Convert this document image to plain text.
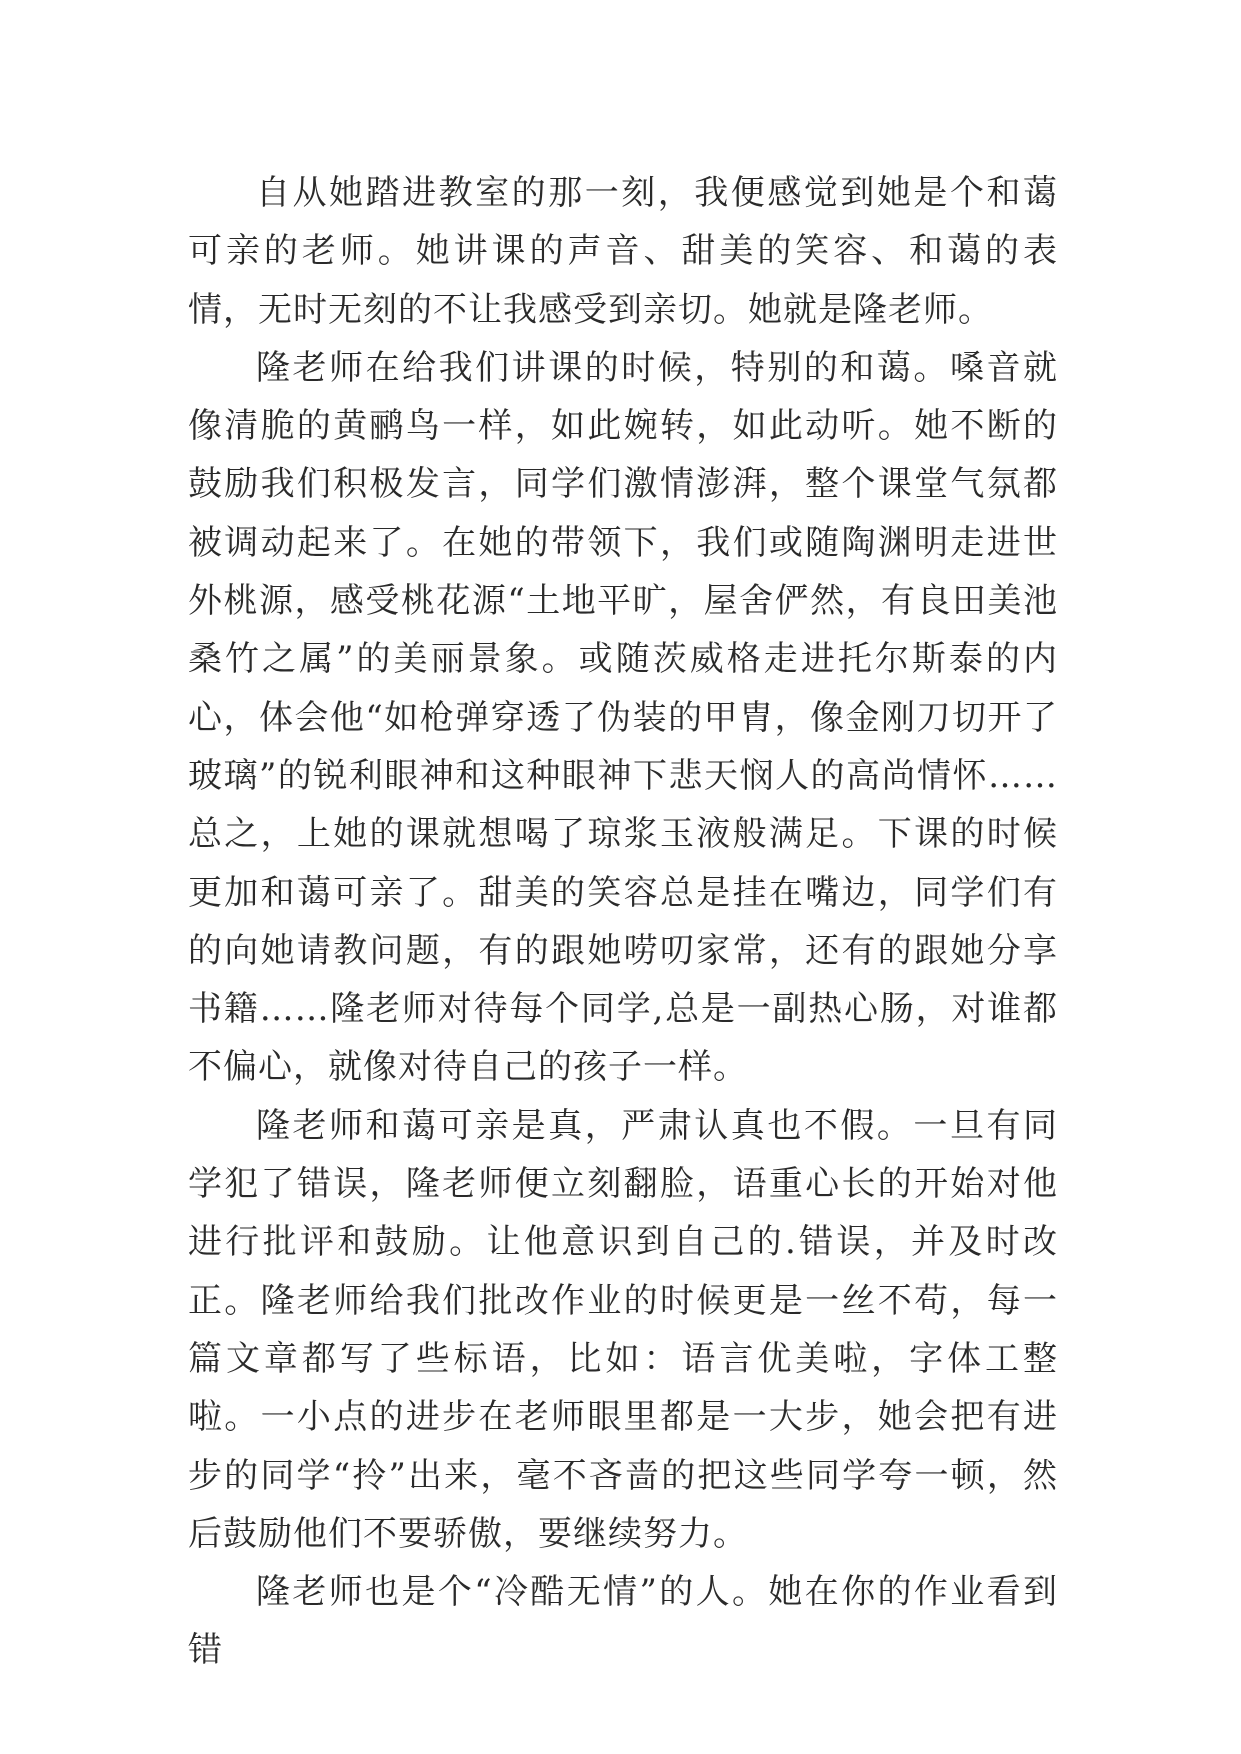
自从她踏进教室的那一刻，我便感觉到她是个和蔼可亲的老师。她讲课的声音、甜美的笑容、和蔼的表情，无时无刻的不让我感受到亲切。她就是隆老师。

隆老师在给我们讲课的时候，特别的和蔼。嗓音就像清脆的黄鹂鸟一样，如此婉转，如此动听。她不断的鼓励我们积极发言，同学们激情澎湃，整个课堂气氛都被调动起来了。在她的带领下，我们或随陶渊明走进世外桃源，感受桃花源“土地平旷，屋舍俨然，有良田美池桑竹之属”的美丽景象。或随茨威格走进托尔斯泰的内心，体会他“如枪弹穿透了伪装的甲胄，像金刚刀切开了玻璃”的锐利眼神和这种眼神下悲天悯人的高尚情怀……总之，上她的课就想喝了琼浆玉液般满足。下课的时候更加和蔼可亲了。甜美的笑容总是挂在嘴边，同学们有的向她请教问题，有的跟她唠叨家常，还有的跟她分享书籍……隆老师对待每个同学,总是一副热心肠，对谁都不偏心，就像对待自己的孩子一样。

隆老师和蔼可亲是真，严肃认真也不假。一旦有同学犯了错误，隆老师便立刻翻脸，语重心长的开始对他进行批评和鼓励。让他意识到自己的.错误，并及时改正。隆老师给我们批改作业的时候更是一丝不苟，每一篇文章都写了些标语，比如：语言优美啦，字体工整啦。一小点的进步在老师眼里都是一大步，她会把有进步的同学“拎”出来，毫不吝啬的把这些同学夸一顿，然后鼓励他们不要骄傲，要继续努力。

隆老师也是个“冷酷无情”的人。她在你的作业看到错
